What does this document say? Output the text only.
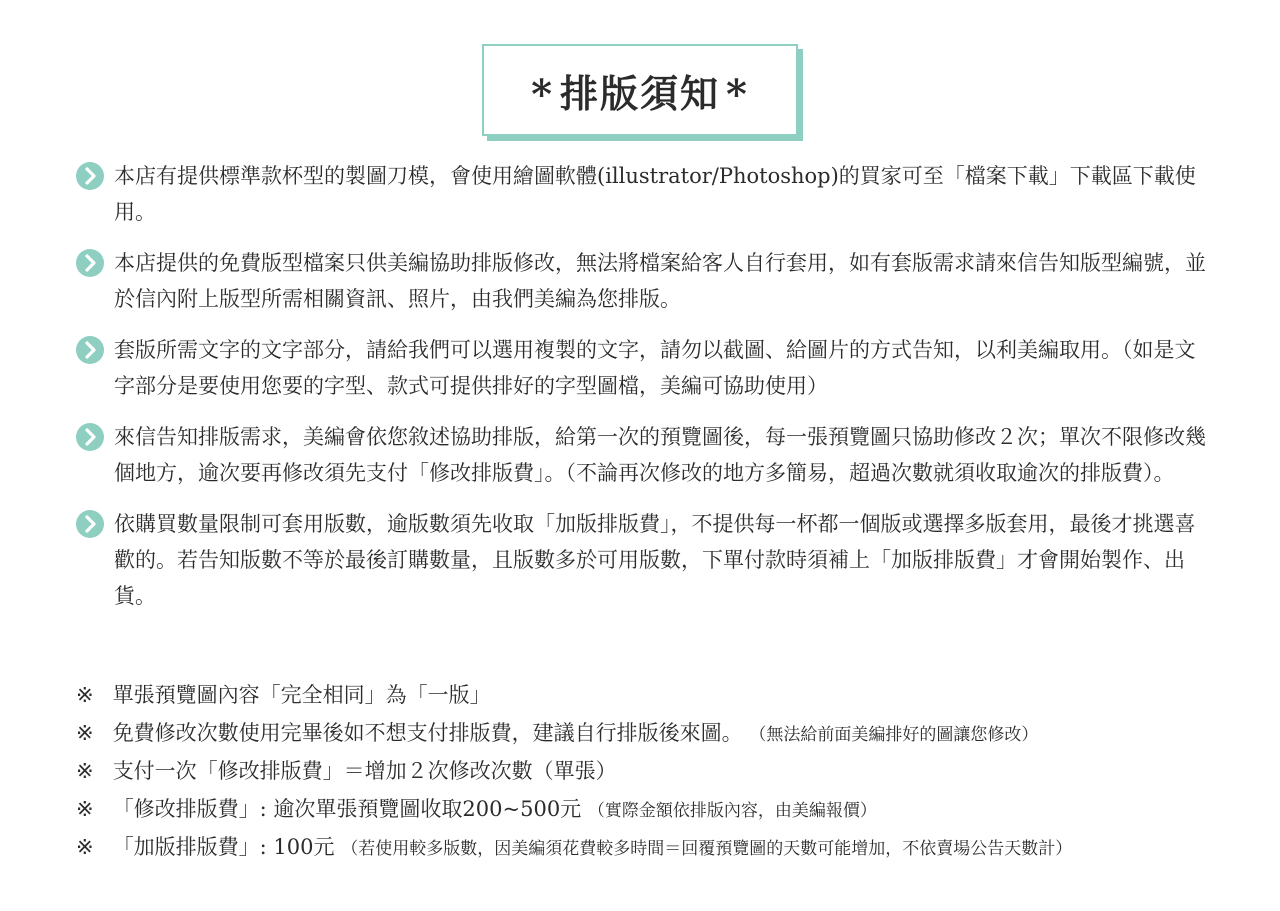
* 排版須知 *
本店有提供標準款杯型的製圖刀模，會使用繪圖軟體(illustrator/Photoshop)的買家可至「檔案下載」下載區下載使用。
本店提供的免費版型檔案只供美編協助排版修改，無法將檔案給客人自行套用，如有套版需求請來信告知版型編號，並於信內附上版型所需相關資訊、照片，由我們美編為您排版。
套版所需文字的文字部分，請給我們可以選用複製的文字，請勿以截圖、給圖片的方式告知，以利美編取用。（如是文字部分是要使用您要的字型、款式可提供排好的字型圖檔，美編可協助使用）
來信告知排版需求，美編會依您敘述協助排版，給第一次的預覽圖後，每一張預覽圖只協助修改２次；單次不限修改幾個地方，逾次要再修改須先支付「修改排版費」。（不論再次修改的地方多簡易，超過次數就須收取逾次的排版費）。
依購買數量限制可套用版數，逾版數須先收取「加版排版費」，不提供每一杯都一個版或選擇多版套用，最後才挑選喜歡的。若告知版數不等於最後訂購數量，且版數多於可用版數，下單付款時須補上「加版排版費」才會開始製作、出貨。
※ 單張預覽圖內容「完全相同」為「一版」
※ 免費修改次數使用完畢後如不想支付排版費，建議自行排版後來圖。 （無法給前面美編排好的圖讓您修改）
※ 支付一次「修改排版費」＝增加２次修改次數（單張）
※ 「修改排版費」: 逾次單張預覽圖收取200~500元 （實際金額依排版內容，由美編報價）
※ 「加版排版費」: 100元 （若使用較多版數，因美編須花費較多時間＝回覆預覽圖的天數可能增加，不依賣場公告天數計）
